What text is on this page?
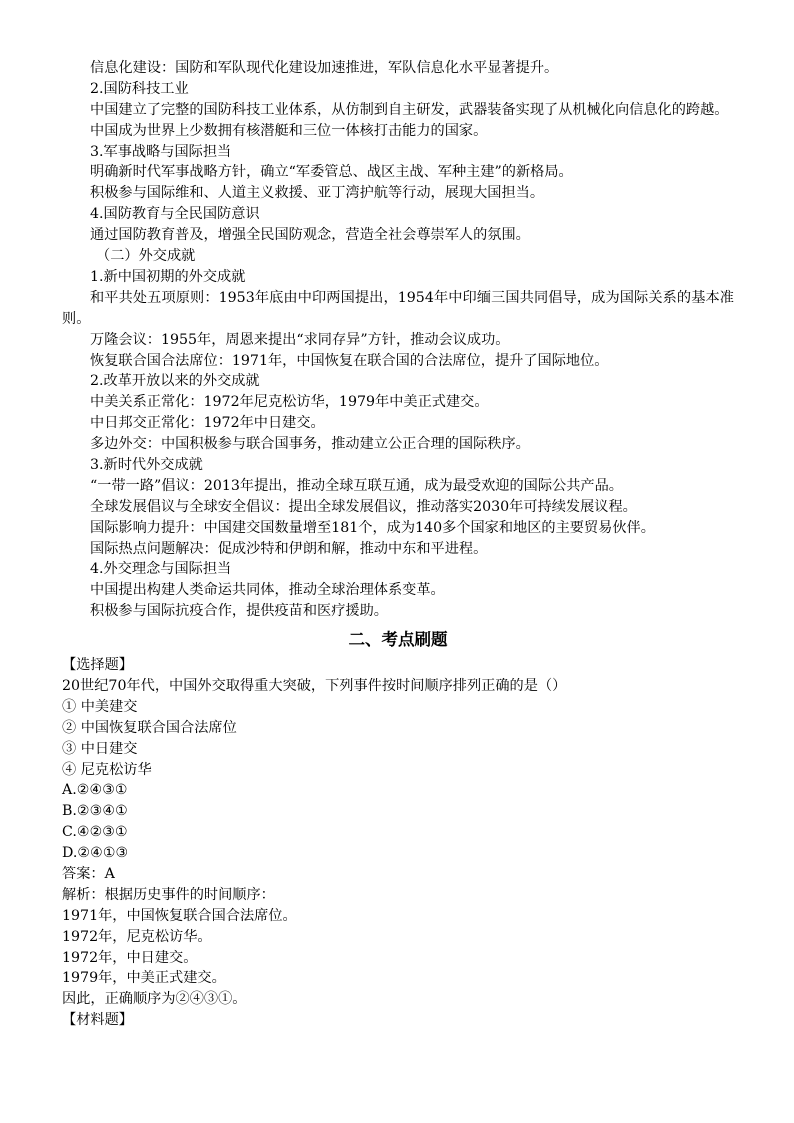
信息化建设：国防和军队现代化建设加速推进，军队信息化水平显著提升。
2.国防科技工业
中国建立了完整的国防科技工业体系，从仿制到自主研发，武器装备实现了从机械化向信息化的跨越。
中国成为世界上少数拥有核潜艇和三位一体核打击能力的国家。
3.军事战略与国际担当
明确新时代军事战略方针，确立“军委管总、战区主战、军种主建”的新格局。
积极参与国际维和、人道主义救援、亚丁湾护航等行动，展现大国担当。
4.国防教育与全民国防意识
通过国防教育普及，增强全民国防观念，营造全社会尊崇军人的氛围。
（二）外交成就
1.新中国初期的外交成就
和平共处五项原则：1953年底由中印两国提出，1954年中印缅三国共同倡导，成为国际关系的基本准则。
万隆会议：1955年，周恩来提出“求同存异”方针，推动会议成功。
恢复联合国合法席位：1971年，中国恢复在联合国的合法席位，提升了国际地位。
2.改革开放以来的外交成就
中美关系正常化：1972年尼克松访华，1979年中美正式建交。
中日邦交正常化：1972年中日建交。
多边外交：中国积极参与联合国事务，推动建立公正合理的国际秩序。
3.新时代外交成就
“一带一路”倡议：2013年提出，推动全球互联互通，成为最受欢迎的国际公共产品。
全球发展倡议与全球安全倡议：提出全球发展倡议，推动落实2030年可持续发展议程。
国际影响力提升：中国建交国数量增至181个，成为140多个国家和地区的主要贸易伙伴。
国际热点问题解决：促成沙特和伊朗和解，推动中东和平进程。
4.外交理念与国际担当
中国提出构建人类命运共同体，推动全球治理体系变革。
积极参与国际抗疫合作，提供疫苗和医疗援助。
二、考点刷题
【选择题】
20世纪70年代，中国外交取得重大突破，下列事件按时间顺序排列正确的是（）
① 中美建交
② 中国恢复联合国合法席位
③ 中日建交
④ 尼克松访华
A.②④③①
B.②③④①
C.④②③①
D.②④①③
答案：A
解析：根据历史事件的时间顺序：
1971年，中国恢复联合国合法席位。
1972年，尼克松访华。
1972年，中日建交。
1979年，中美正式建交。
因此，正确顺序为②④③①。
【材料题】
